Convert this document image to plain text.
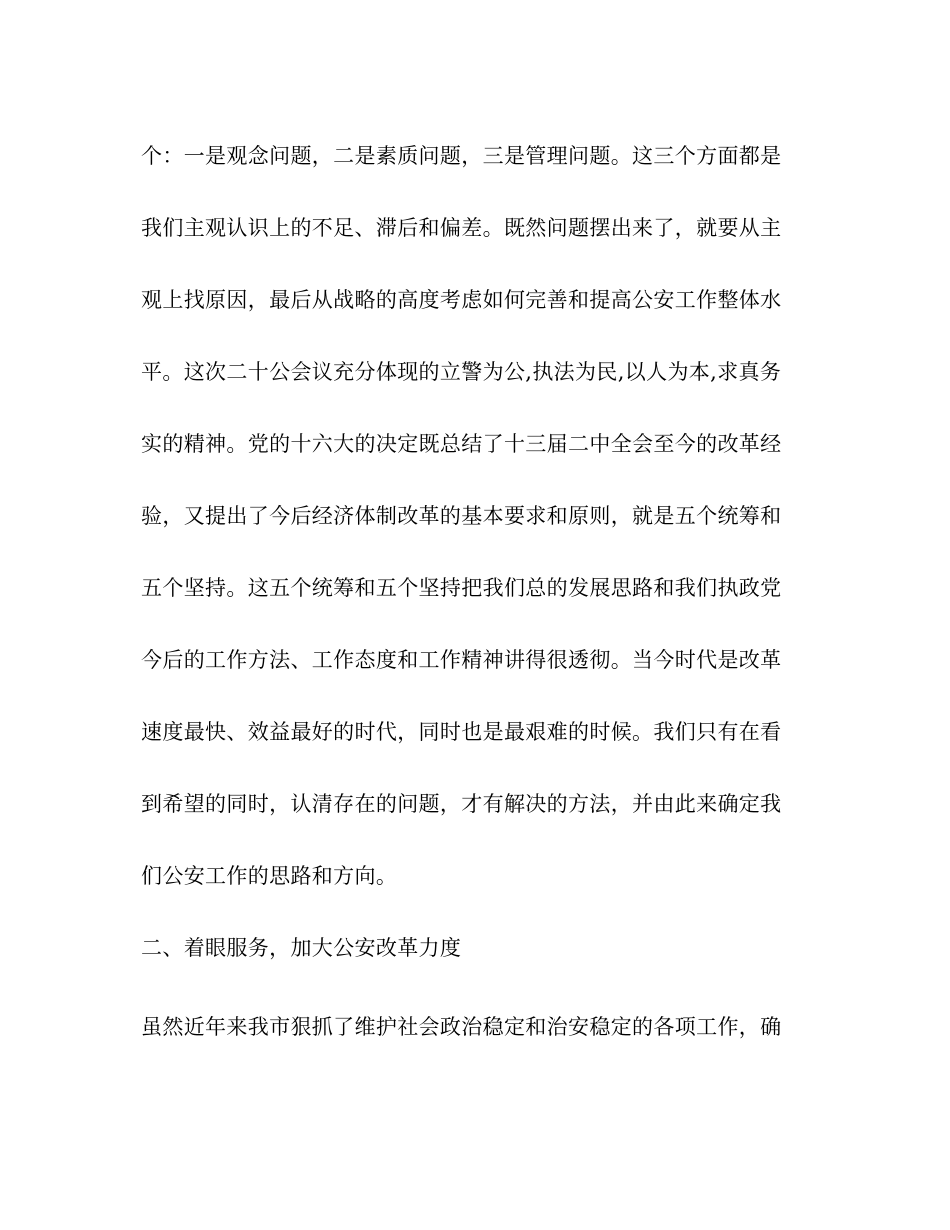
个：一是观念问题，二是素质问题，三是管理问题。这三个方面都是
我们主观认识上的不足、滞后和偏差。既然问题摆出来了，就要从主
观上找原因，最后从战略的高度考虑如何完善和提高公安工作整体水
平。这次二十公会议充分体现的立警为公,执法为民,以人为本,求真务
实的精神。党的十六大的决定既总结了十三届二中全会至今的改革经
验，又提出了今后经济体制改革的基本要求和原则，就是五个统筹和
五个坚持。这五个统筹和五个坚持把我们总的发展思路和我们执政党
今后的工作方法、工作态度和工作精神讲得很透彻。当今时代是改革
速度最快、效益最好的时代，同时也是最艰难的时候。我们只有在看
到希望的同时，认清存在的问题，才有解决的方法，并由此来确定我
们公安工作的思路和方向。
二、着眼服务，加大公安改革力度
虽然近年来我市狠抓了维护社会政治稳定和治安稳定的各项工作，确
